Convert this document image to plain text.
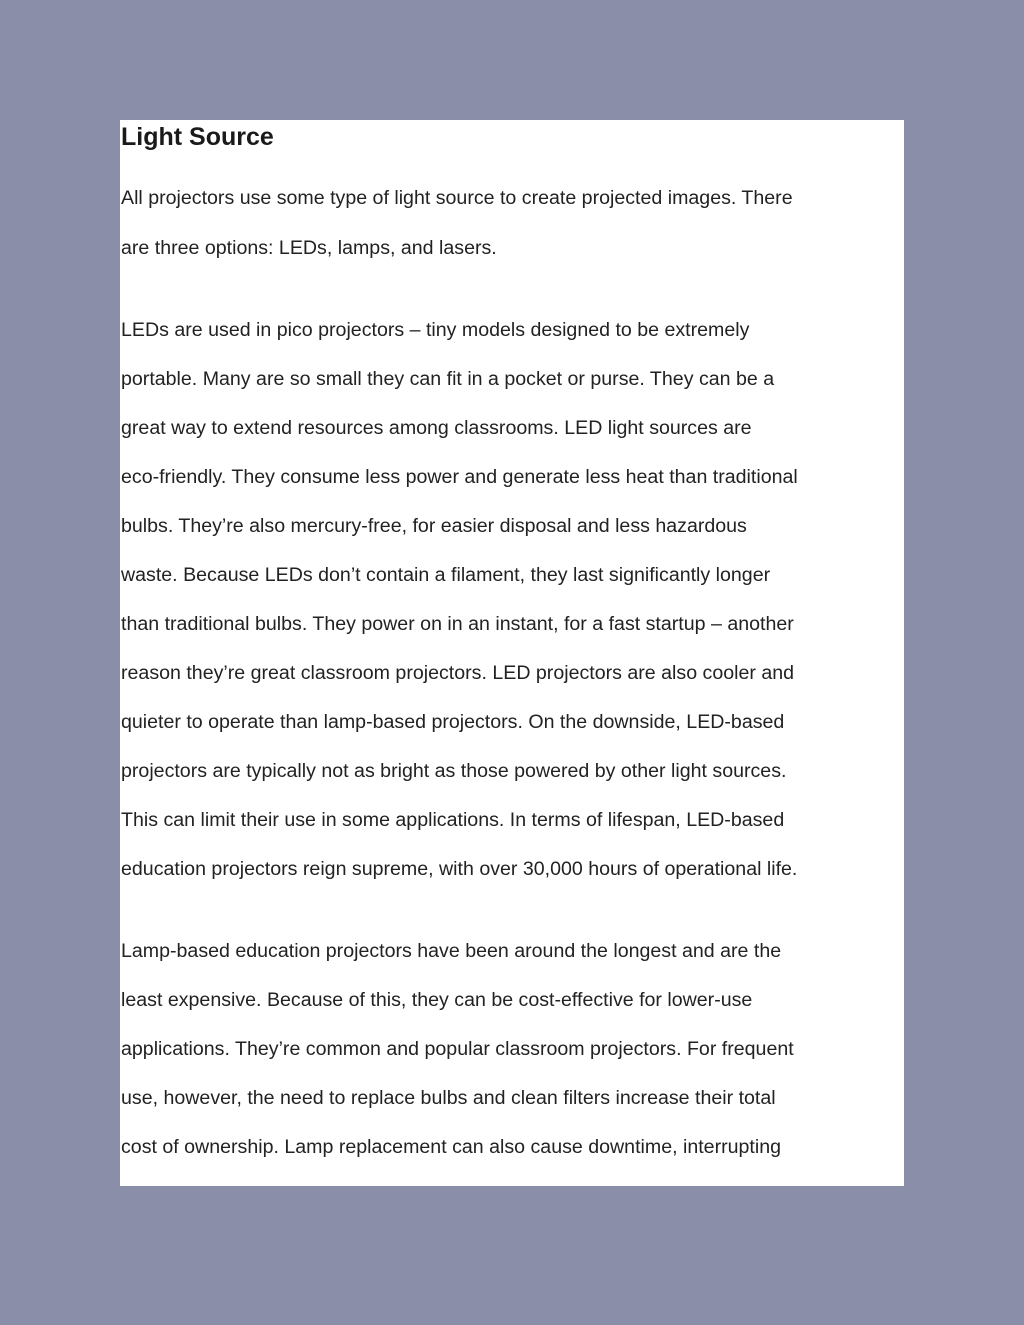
Light Source
All projectors use some type of light source to create projected images. There
are three options: LEDs, lamps, and lasers.
LEDs are used in pico projectors – tiny models designed to be extremely
portable. Many are so small they can fit in a pocket or purse. They can be a
great way to extend resources among classrooms. LED light sources are
eco-friendly. They consume less power and generate less heat than traditional
bulbs. They’re also mercury-free, for easier disposal and less hazardous
waste. Because LEDs don’t contain a filament, they last significantly longer
than traditional bulbs. They power on in an instant, for a fast startup – another
reason they’re great classroom projectors. LED projectors are also cooler and
quieter to operate than lamp-based projectors. On the downside, LED-based
projectors are typically not as bright as those powered by other light sources.
This can limit their use in some applications. In terms of lifespan, LED-based
education projectors reign supreme, with over 30,000 hours of operational life.
Lamp-based education projectors have been around the longest and are the
least expensive. Because of this, they can be cost-effective for lower-use
applications. They’re common and popular classroom projectors. For frequent
use, however, the need to replace bulbs and clean filters increase their total
cost of ownership. Lamp replacement can also cause downtime, interrupting
